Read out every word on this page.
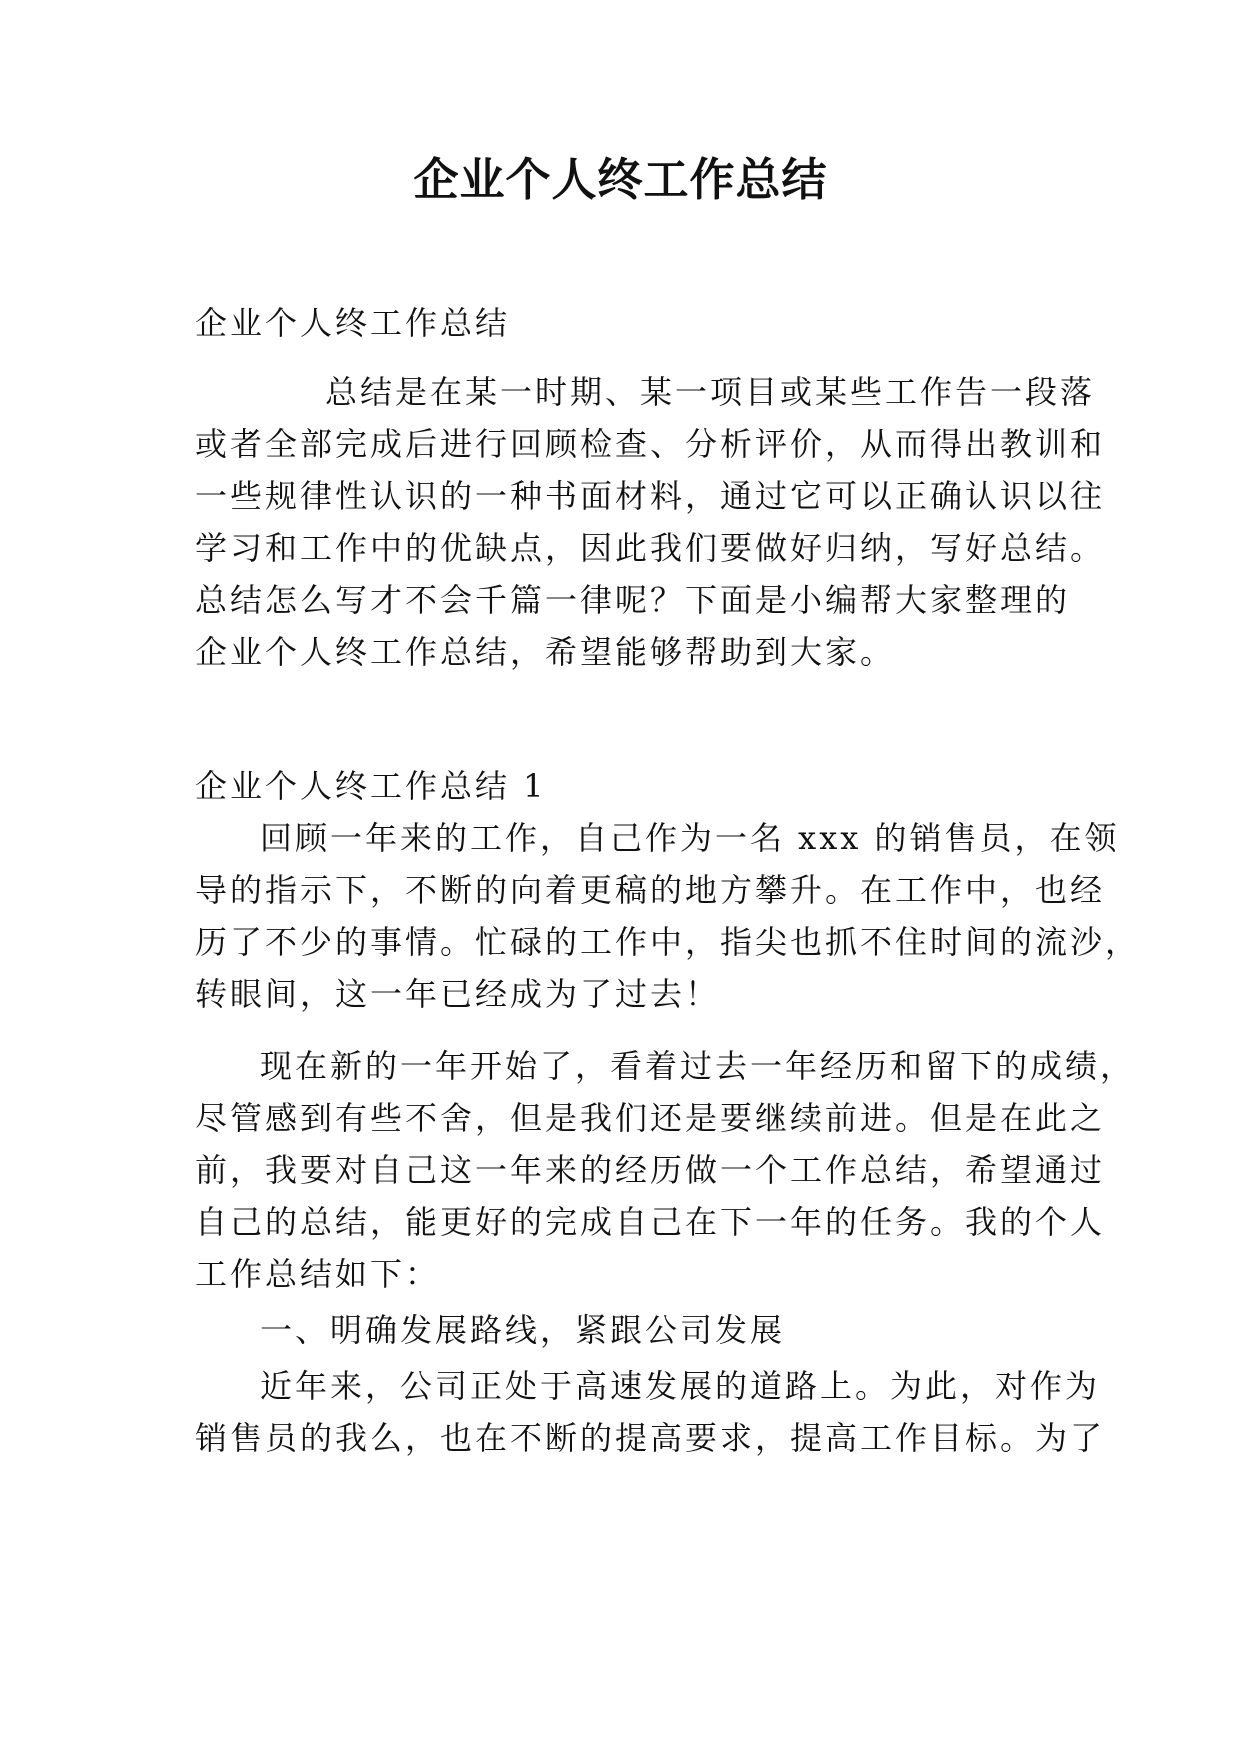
企业个人终工作总结

企业个人终工作总结

总结是在某一时期、某一项目或某些工作告一段落

或者全部完成后进行回顾检查、分析评价，从而得出教训和

一些规律性认识的一种书面材料，通过它可以正确认识以往

学习和工作中的优缺点，因此我们要做好归纳，写好总结。

总结怎么写才不会千篇一律呢？下面是小编帮大家整理的

企业个人终工作总结，希望能够帮助到大家。

企业个人终工作总结 1

回顾一年来的工作，自己作为一名 xxx 的销售员，在领

导的指示下，不断的向着更稿的地方攀升。在工作中，也经

历了不少的事情。忙碌的工作中，指尖也抓不住时间的流沙，

转眼间，这一年已经成为了过去！

现在新的一年开始了，看着过去一年经历和留下的成绩，

尽管感到有些不舍，但是我们还是要继续前进。但是在此之

前，我要对自己这一年来的经历做一个工作总结，希望通过

自己的总结，能更好的完成自己在下一年的任务。我的个人

工作总结如下：

一、明确发展路线，紧跟公司发展

近年来，公司正处于高速发展的道路上。为此，对作为

销售员的我么，也在不断的提高要求，提高工作目标。为了
